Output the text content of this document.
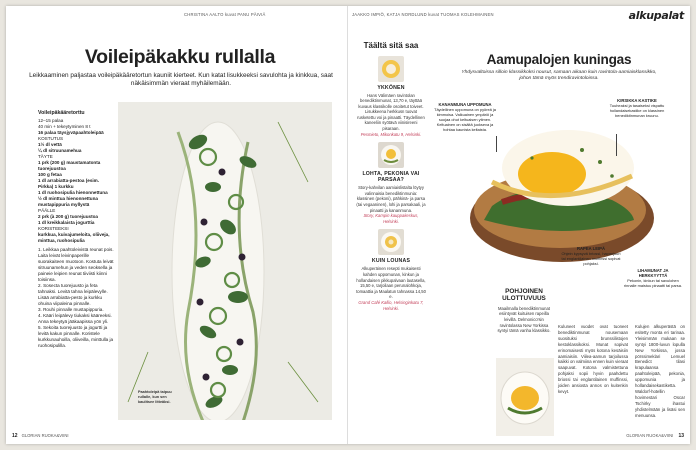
CHRISTINA AALTO kuvat PANU PÄIVIÄ
Voileipäkakku rullalla
Leikkaaminen paljastaa voileipäkääretortun kauniit kierteet. Kun katat lisukkeeksi savulohta ja kinkkua, saat näkäisimmän vieraat myhäilemään.
Voileipäkääretorttu
12–15 palaa
40 min + tekeytyminen 8 t
16 palaa täysjyväpaahtoleipää
KOSTUTUS
1½ dl vettä
¼ dl sitruunamehua
TÄYTE
1 prk (200 g) maustamatonta tuorejuustoa
100 g fetaa
1 dl arrabiatta-pestoa (esim. Pirkka) 1 kurkku
1 dl ruohosipulia hienonnettuna
½ dl minttua hienonnettuna mustapippuria myllystä
PÄÄLLE
2 prk (à 200 g) tuorejuustoa
1 dl kreikkalaista jogurttia
KORISTEEKSI
kurkkua, kuivajumeloita, oliiveja, minttua, ruohosipulia
1. Leikkaa paahtoleivistä reunat pois. Laita leivät leivinpaperille suorakaiteen muotoon. Kostuta leivät sitruunamehun ja veden seoksella ja paineie leipien reunat tiiviisti kiinni toisiinsa.
2. Sosecta tuorejuusto ja feta tahnaksi. Levitä tahna leipälevylle. Lisää arrabiatta-pesto ja kurkku ohuina viipaleina pinnalle.
3. Rouhi pinnalle mustapippuria.
4. Kääri leipälevy tiukaksi kääreeksi. Anna tekeytyä jääkaapissa yön yli.
5. Sekoita tuorejuusto ja jogurtti ja levitä kakun pinnalle. Koristele kurkkunauhoilla, oliiveilla, minttulla ja ruohosipulilla.
Paahtoleipä taipuu rullalle, kun sen kaulitsee litteäksi.
12 GLORIAN RUOKA&VIINI
JAAKKO IMPIÖ, KATJA NORDLUND kuvat TUOMAS KOLEHMAINEN	alkupalat
Täältä sitä saa
YKKÖNEN
Hans Välimäen ravintolan benediktinmunat, 13,70 e, täyttää kuvaus klassikolle osoitetut toiveet. Lisukkeena herkkusn tuovat rusketettu voi ja pinaatti. Täydellinen kaneeliin syötävä viinisireeni pisaraan.
Pesmieto, Mikonkatu 9, Helsinki.
LOHTA, PEKONIA VAI PARSAA?
Story-kahvilan aamiaislistalta löytyy valinnaisia benediktinmunia: klassinen (pekoni), pähkinä- ja parsa (tai vegaaninen), lohi ja parsakaali, ja pinaatti ja kananmuna.
Story, Kampin kauppakeskus, Helsinki.
KUIN LOUNAS
Alkuperäinen resepti mukaisesti kahden uppomunan, kinkun ja hollandaisen pikkupalvaan lautasella, 15,50 e, tarjoilaan perunalohkoja, tomaattia ja Maalatun tahnassa 14,50 e.
Grand Café Kallio, Helsinginkatu 7, Helsinki.
Aamupalojen kuningas
Yhdysvaltoissa silloin klassikkoksi nousut, samaan aikaan kuin ravintola-aamiaisklassikko, johon tämä myös trendiravintoloissa.
KANANMUNA UPPOMUNA
Täydellinen uppomuna on pyöreä ja kimmoisa. Valkuainen ympäröi ja suojaa ohut keltuaisen ytimen. Keltuainen on sisältä juokseva ja hohtaa kaunista keltaista.
KIRSIKKA KASTIKE
Tuuheaksi ja tasaiseksi vispattu hollandaisekastike on klassinen benediktinmunan kruunu.
RAPEA LEIPÄ
Ohjein kypsyvä briossi, hapanjuuri tai englantilainen muffinssi sopivat pohjaksi.
LIHAMUNAT JA HERKKYYTTÄ
Pekonin, kinkun tai savulohen rinnalle maistuu pinaatti tai parsa.
POHJOINEN ULOTTUVUUS
Maailmalla benediktinmunat esiintyvät kuituisen rapeilla leivillä. Delmonico'sin ravintolassa New Yorkissa syntyi tämä vanha klassikko.
Kuluneet vuodet ovat tuoneet benediktinmunat nousemaan suosituksi brunssilistojen kestoklassikoksi. Munat sopivat erinomaisesti myös kotona kesäisiin aamiaisiin. Viilea-aamun tarjoilussa kaikki on valmiina ennen kuin vieraat saapuvat. Kotona valmistettuna pohjaksi sopii hyvin paahdettu briossi tai englantilainen muffinssi, joiden ansiosta annos on kuitenkin kevyt.
Kulujen alkuperästä on esitetty monta eri tarinaa. Yleisimmän mukaan se syntyi 1800-luvun lopulla New Yorkissa, jossa pörssimeklari Lemuel Benedict tilasi krapulaansa paahtoleipää, pekonia, uppomunia ja hollandaisekastiketta. Waldorf-hotellin hovimestari Oscar Tschirky ihastui yhdistelmään ja lisäsi sen menuunsa.
GLORIAN RUOKA&VIINI 13
